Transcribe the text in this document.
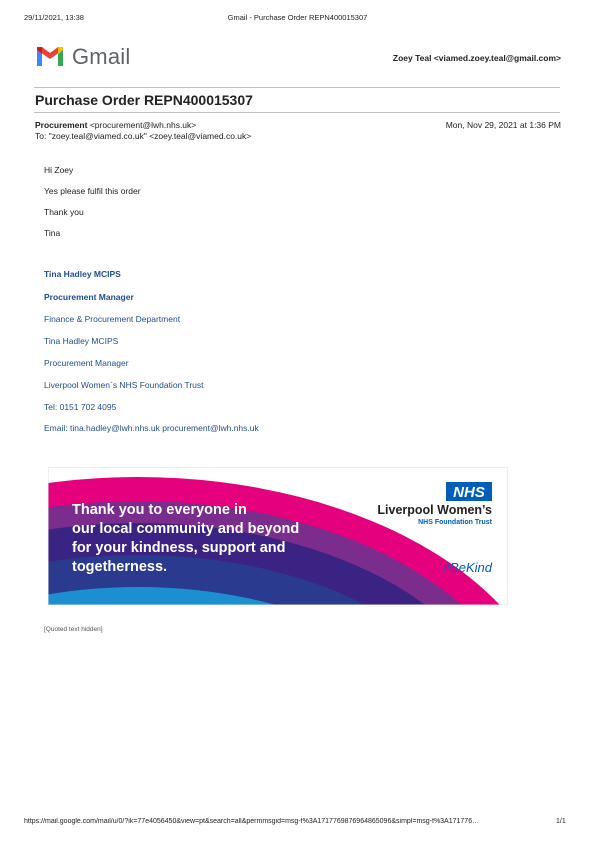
29/11/2021, 13:38	Gmail - Purchase Order REPN400015307
Gmail	Zoey Teal <viamed.zoey.teal@gmail.com>
Purchase Order REPN400015307
Procurement <procurement@lwh.nhs.uk>
To: "zoey.teal@viamed.co.uk" <zoey.teal@viamed.co.uk>
Mon, Nov 29, 2021 at 1:36 PM
Hi Zoey
Yes please fulfil this order
Thank you
Tina
Tina Hadley MCIPS
Procurement Manager
Finance & Procurement Department
Tina Hadley MCIPS
Procurement Manager
Liverpool Women`s NHS Foundation Trust
Tel: 0151 702 4095
Email: tina.hadley@lwh.nhs.uk procurement@lwh.nhs.uk
Thank you to everyone in
our local community and beyond
for your kindness, support and
togetherness.
NHS
Liverpool Women’s
NHS Foundation Trust
#BeKind
[Quoted text hidden]
https://mail.google.com/mail/u/0/?ik=77e4056450&view=pt&search=all&permmsgid=msg-f%3A1717769876964865096&simpl=msg-f%3A171776…	1/1
